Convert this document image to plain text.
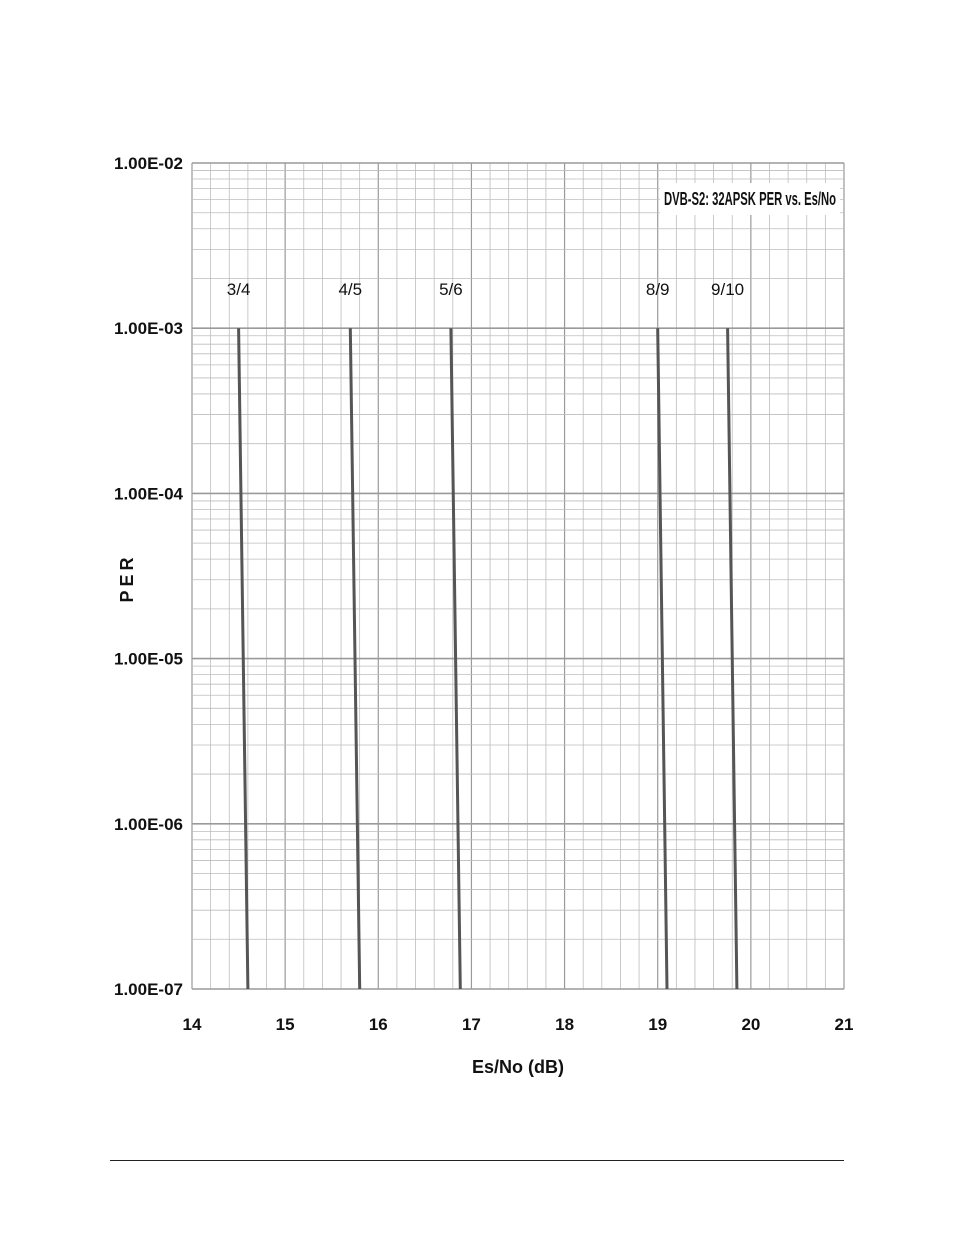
1.00E-07
1.00E-06
1.00E-05
1.00E-04
1.00E-03
1.00E-02
14	15	16	17	18	19	20	21
3/4	4/5	5/6	8/9 9/10
DVB-S2: 32APSK PER vs. Es/No
Es/No (dB)
PER
